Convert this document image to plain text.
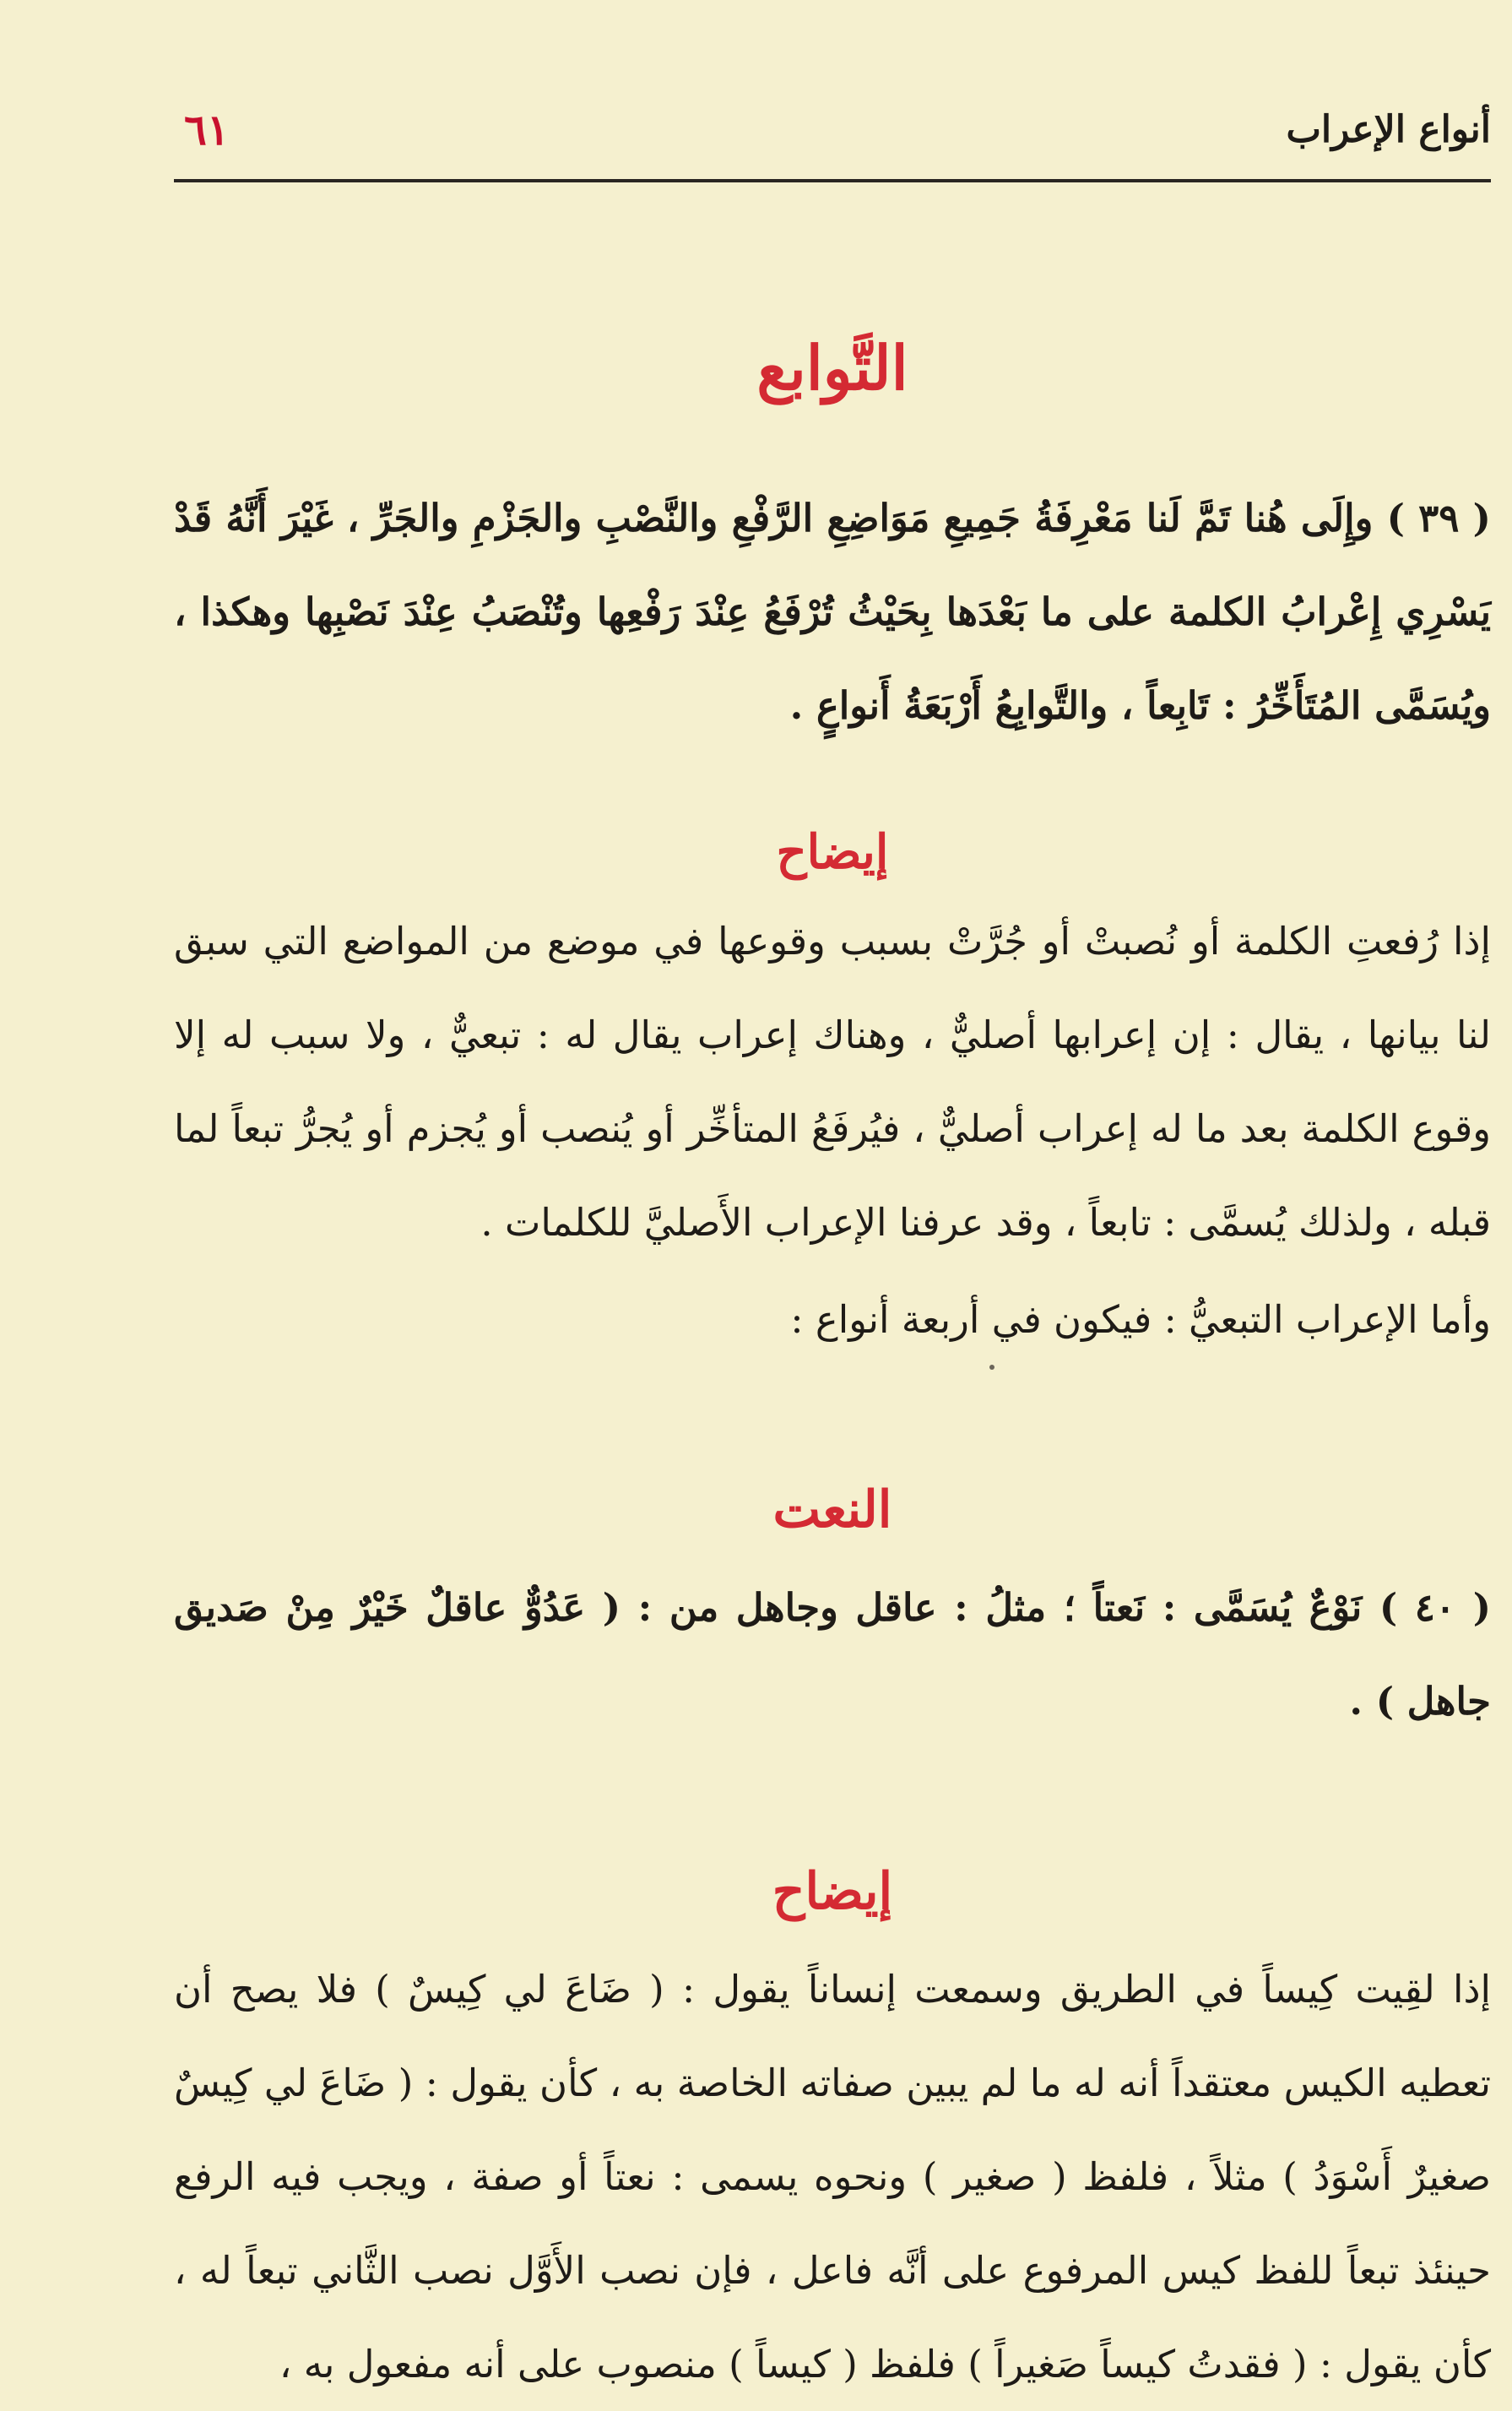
أنواع الإعراب
٦١
التَّوابع

( ٣٩ ) وإِلَى هُنا تَمَّ لَنا مَعْرِفَةُ جَمِيعِ مَوَاضِعِ الرَّفْعِ والنَّصْبِ والجَزْمِ والجَرِّ ، غَيْرَ أَنَّهُ قَدْ يَسْرِي إِعْرابُ الكلمة على ما بَعْدَها بِحَيْثُ تُرْفَعُ عِنْدَ رَفْعِها وتُنْصَبُ عِنْدَ نَصْبِها وهكذا ، ويُسَمَّى المُتَأَخِّرُ : تَابِعاً ، والتَّوابِعُ أَرْبَعَةُ أَنواعٍ .

إيضاح

إذا رُفعتِ الكلمة أو نُصبتْ أو جُرَّتْ بسبب وقوعها في موضع من المواضع التي سبق لنا بيانها ، يقال : إن إعرابها أصليٌّ ، وهناك إعراب يقال له : تبعيٌّ ، ولا سبب له إلا وقوع الكلمة بعد ما له إعراب أصليٌّ ، فيُرفَعُ المتأخِّر أو يُنصب أو يُجزم أو يُجرُّ تبعاً لما قبله ، ولذلك يُسمَّى : تابعاً ، وقد عرفنا الإعراب الأَصليَّ للكلمات .

وأما الإعراب التبعيُّ : فيكون في أربعة أنواع :

النعت

( ٤٠ ) نَوْعٌ يُسَمَّى : نَعتاً ؛ مثلُ : عاقل وجاهل من : ( عَدُوٌّ عاقلٌ خَيْرٌ مِنْ صَديق جاهل ) .

إيضاح

إذا لقِيت كِيساً في الطريق وسمعت إنساناً يقول : ( ضَاعَ لي كِيسٌ ) فلا يصح أن تعطيه الكيس معتقداً أنه له ما لم يبين صفاته الخاصة به ، كأن يقول : ( ضَاعَ لي كِيسٌ صغيرٌ أَسْوَدُ ) مثلاً ، فلفظ ( صغير ) ونحوه يسمى : نعتاً أو صفة ، ويجب فيه الرفع حينئذ تبعاً للفظ كيس المرفوع على أنَّه فاعل ، فإن نصب الأَوَّل نصب الثَّاني تبعاً له ، كأن يقول : ( فقدتُ كيساً صَغيراً ) فلفظ ( كيساً ) منصوب على أنه مفعول به ،
